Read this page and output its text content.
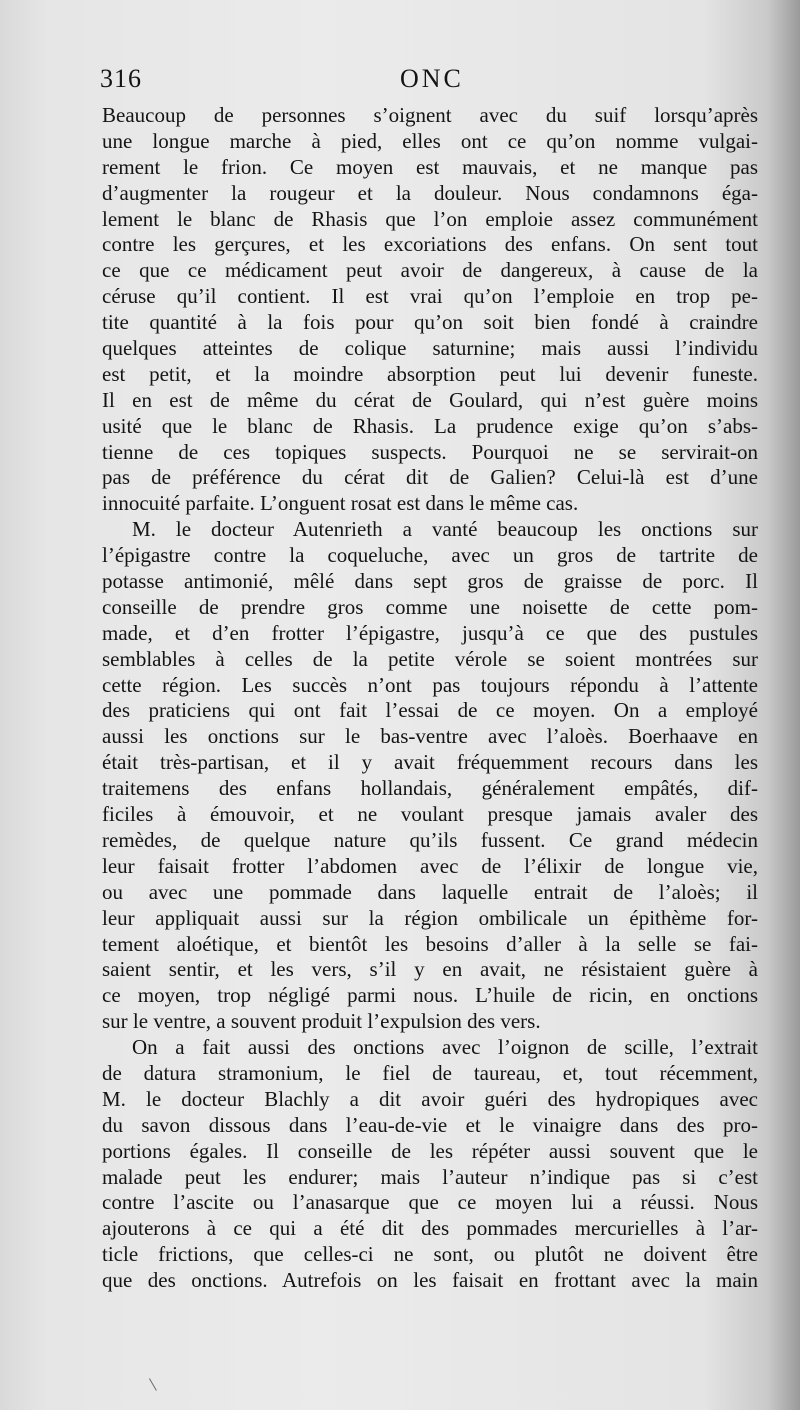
316	ONC
Beaucoup de personnes s’oignent avec du suif lorsqu’après
une longue marche à pied, elles ont ce qu’on nomme vulgai-
rement le frion. Ce moyen est mauvais, et ne manque pas
d’augmenter la rougeur et la douleur. Nous condamnons éga-
lement le blanc de Rhasis que l’on emploie assez communément
contre les gerçures, et les excoriations des enfans. On sent tout
ce que ce médicament peut avoir de dangereux, à cause de la
céruse qu’il contient. Il est vrai qu’on l’emploie en trop pe-
tite quantité à la fois pour qu’on soit bien fondé à craindre
quelques atteintes de colique saturnine; mais aussi l’individu
est petit, et la moindre absorption peut lui devenir funeste.
Il en est de même du cérat de Goulard, qui n’est guère moins
usité que le blanc de Rhasis. La prudence exige qu’on s’abs-
tienne de ces topiques suspects. Pourquoi ne se servirait-on
pas de préférence du cérat dit de Galien? Celui-là est d’une
innocuité parfaite. L’onguent rosat est dans le même cas.
M. le docteur Autenrieth a vanté beaucoup les onctions sur
l’épigastre contre la coqueluche, avec un gros de tartrite de
potasse antimonié, mêlé dans sept gros de graisse de porc. Il
conseille de prendre gros comme une noisette de cette pom-
made, et d’en frotter l’épigastre, jusqu’à ce que des pustules
semblables à celles de la petite vérole se soient montrées sur
cette région. Les succès n’ont pas toujours répondu à l’attente
des praticiens qui ont fait l’essai de ce moyen. On a employé
aussi les onctions sur le bas-ventre avec l’aloès. Boerhaave en
était très-partisan, et il y avait fréquemment recours dans les
traitemens des enfans hollandais, généralement empâtés, dif-
ficiles à émouvoir, et ne voulant presque jamais avaler des
remèdes, de quelque nature qu’ils fussent. Ce grand médecin
leur faisait frotter l’abdomen avec de l’élixir de longue vie,
ou avec une pommade dans laquelle entrait de l’aloès; il
leur appliquait aussi sur la région ombilicale un épithème for-
tement aloétique, et bientôt les besoins d’aller à la selle se fai-
saient sentir, et les vers, s’il y en avait, ne résistaient guère à
ce moyen, trop négligé parmi nous. L’huile de ricin, en onctions
sur le ventre, a souvent produit l’expulsion des vers.
On a fait aussi des onctions avec l’oignon de scille, l’extrait
de datura stramonium, le fiel de taureau, et, tout récemment,
M. le docteur Blachly a dit avoir guéri des hydropiques avec
du savon dissous dans l’eau-de-vie et le vinaigre dans des pro-
portions égales. Il conseille de les répéter aussi souvent que le
malade peut les endurer; mais l’auteur n’indique pas si c’est
contre l’ascite ou l’anasarque que ce moyen lui a réussi. Nous
ajouterons à ce qui a été dit des pommades mercurielles à l’ar-
ticle frictions, que celles-ci ne sont, ou plutôt ne doivent être
que des onctions. Autrefois on les faisait en frottant avec la main
